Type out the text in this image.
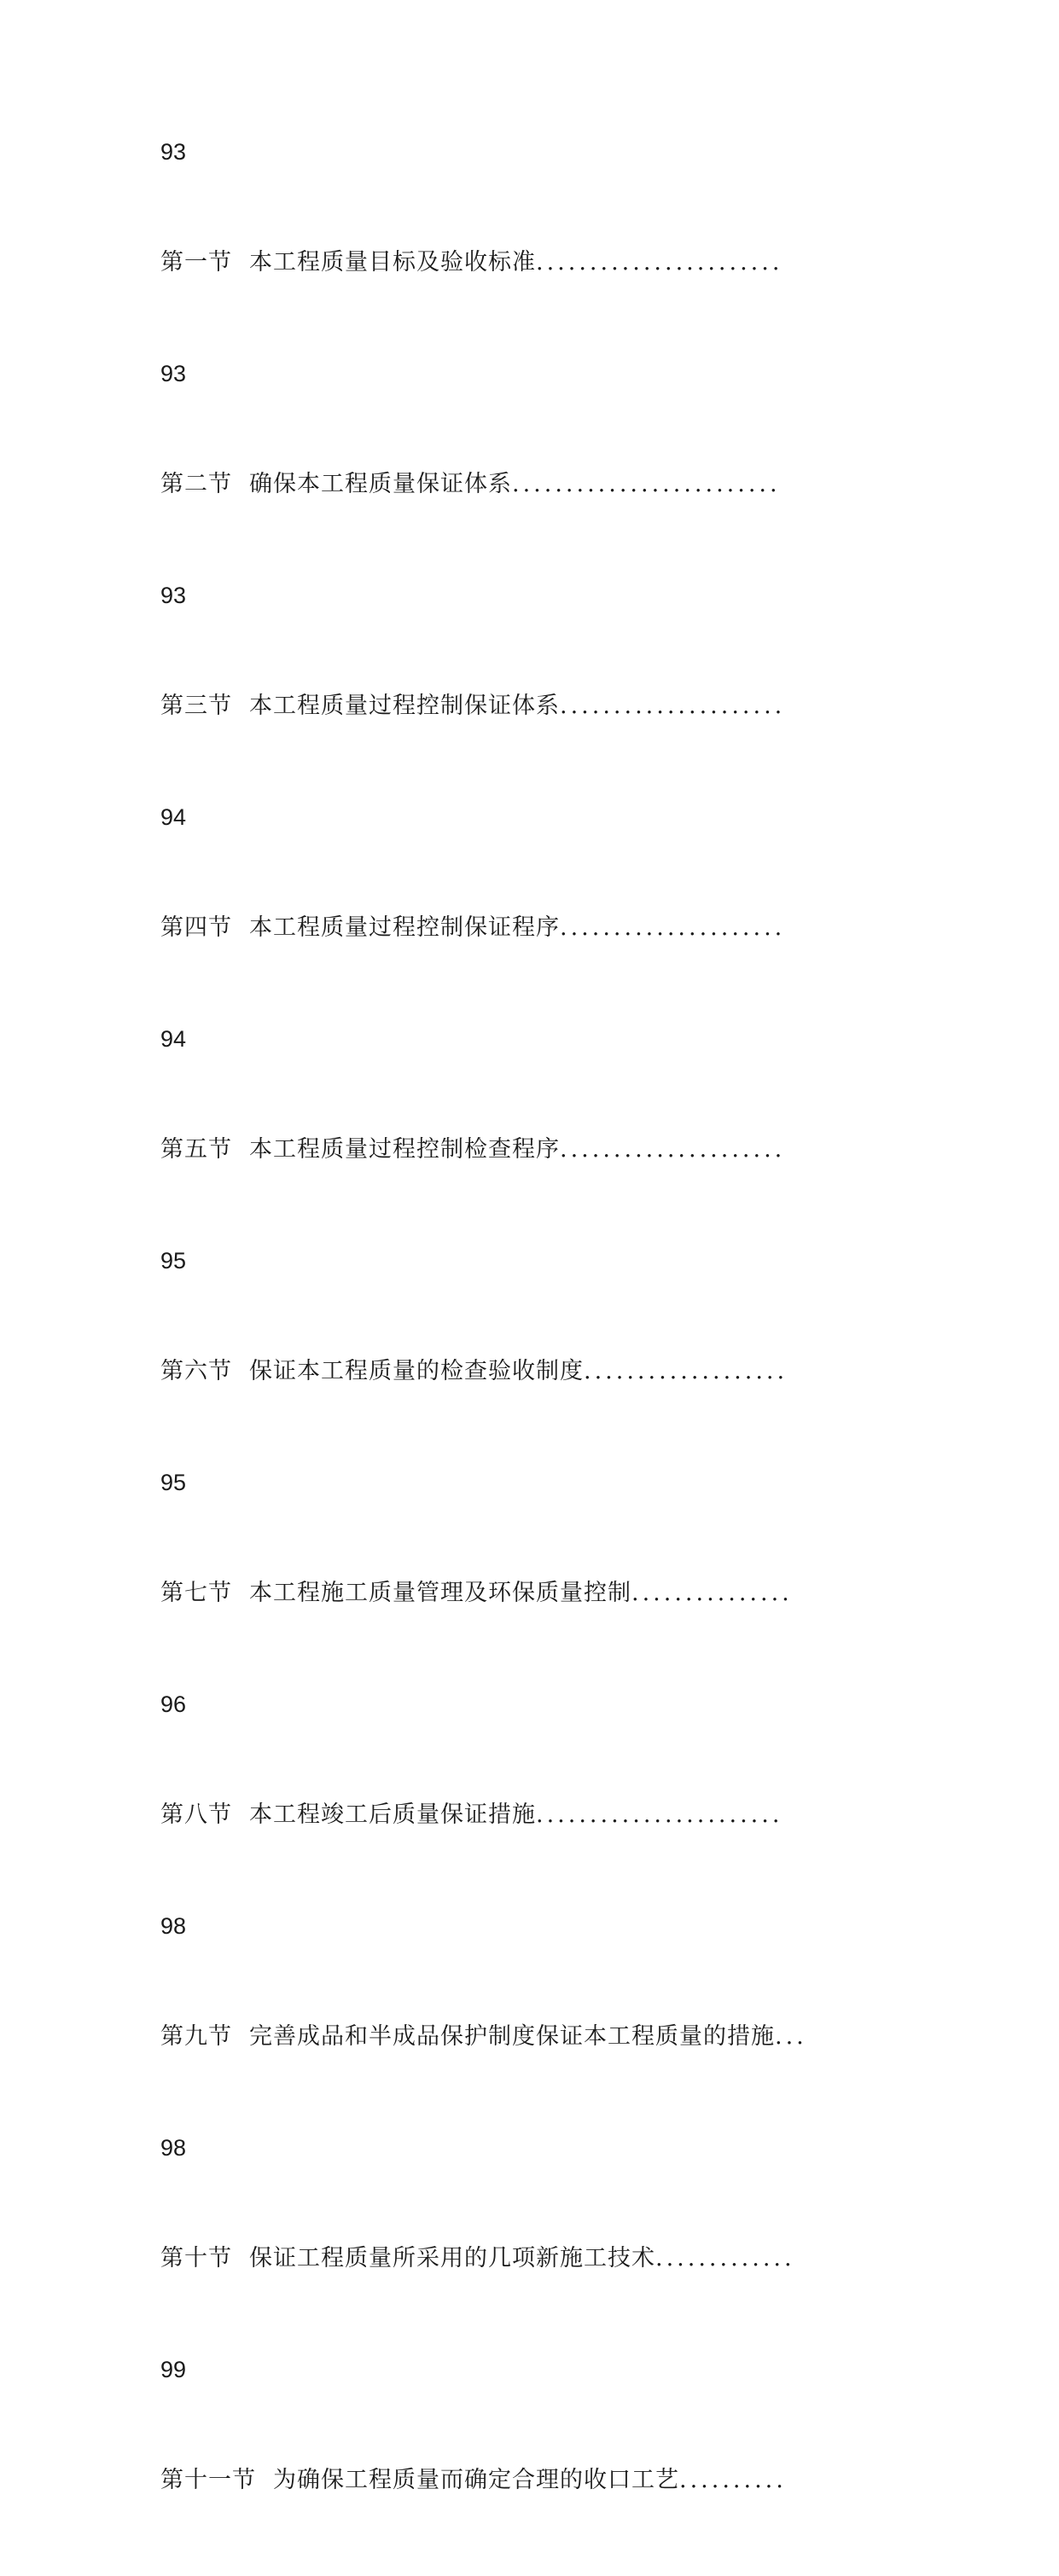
93
第一节 本工程质量目标及验收标准.......................
93
第二节 确保本工程质量保证体系.........................
93
第三节 本工程质量过程控制保证体系.....................
94
第四节 本工程质量过程控制保证程序.....................
94
第五节 本工程质量过程控制检查程序.....................
95
第六节 保证本工程质量的检查验收制度...................
95
第七节 本工程施工质量管理及环保质量控制...............
96
第八节 本工程竣工后质量保证措施.......................
98
第九节 完善成品和半成品保护制度保证本工程质量的措施...
98
第十节 保证工程质量所采用的几项新施工技术.............
99
第十一节 为确保工程质量而确定合理的收口工艺..........
